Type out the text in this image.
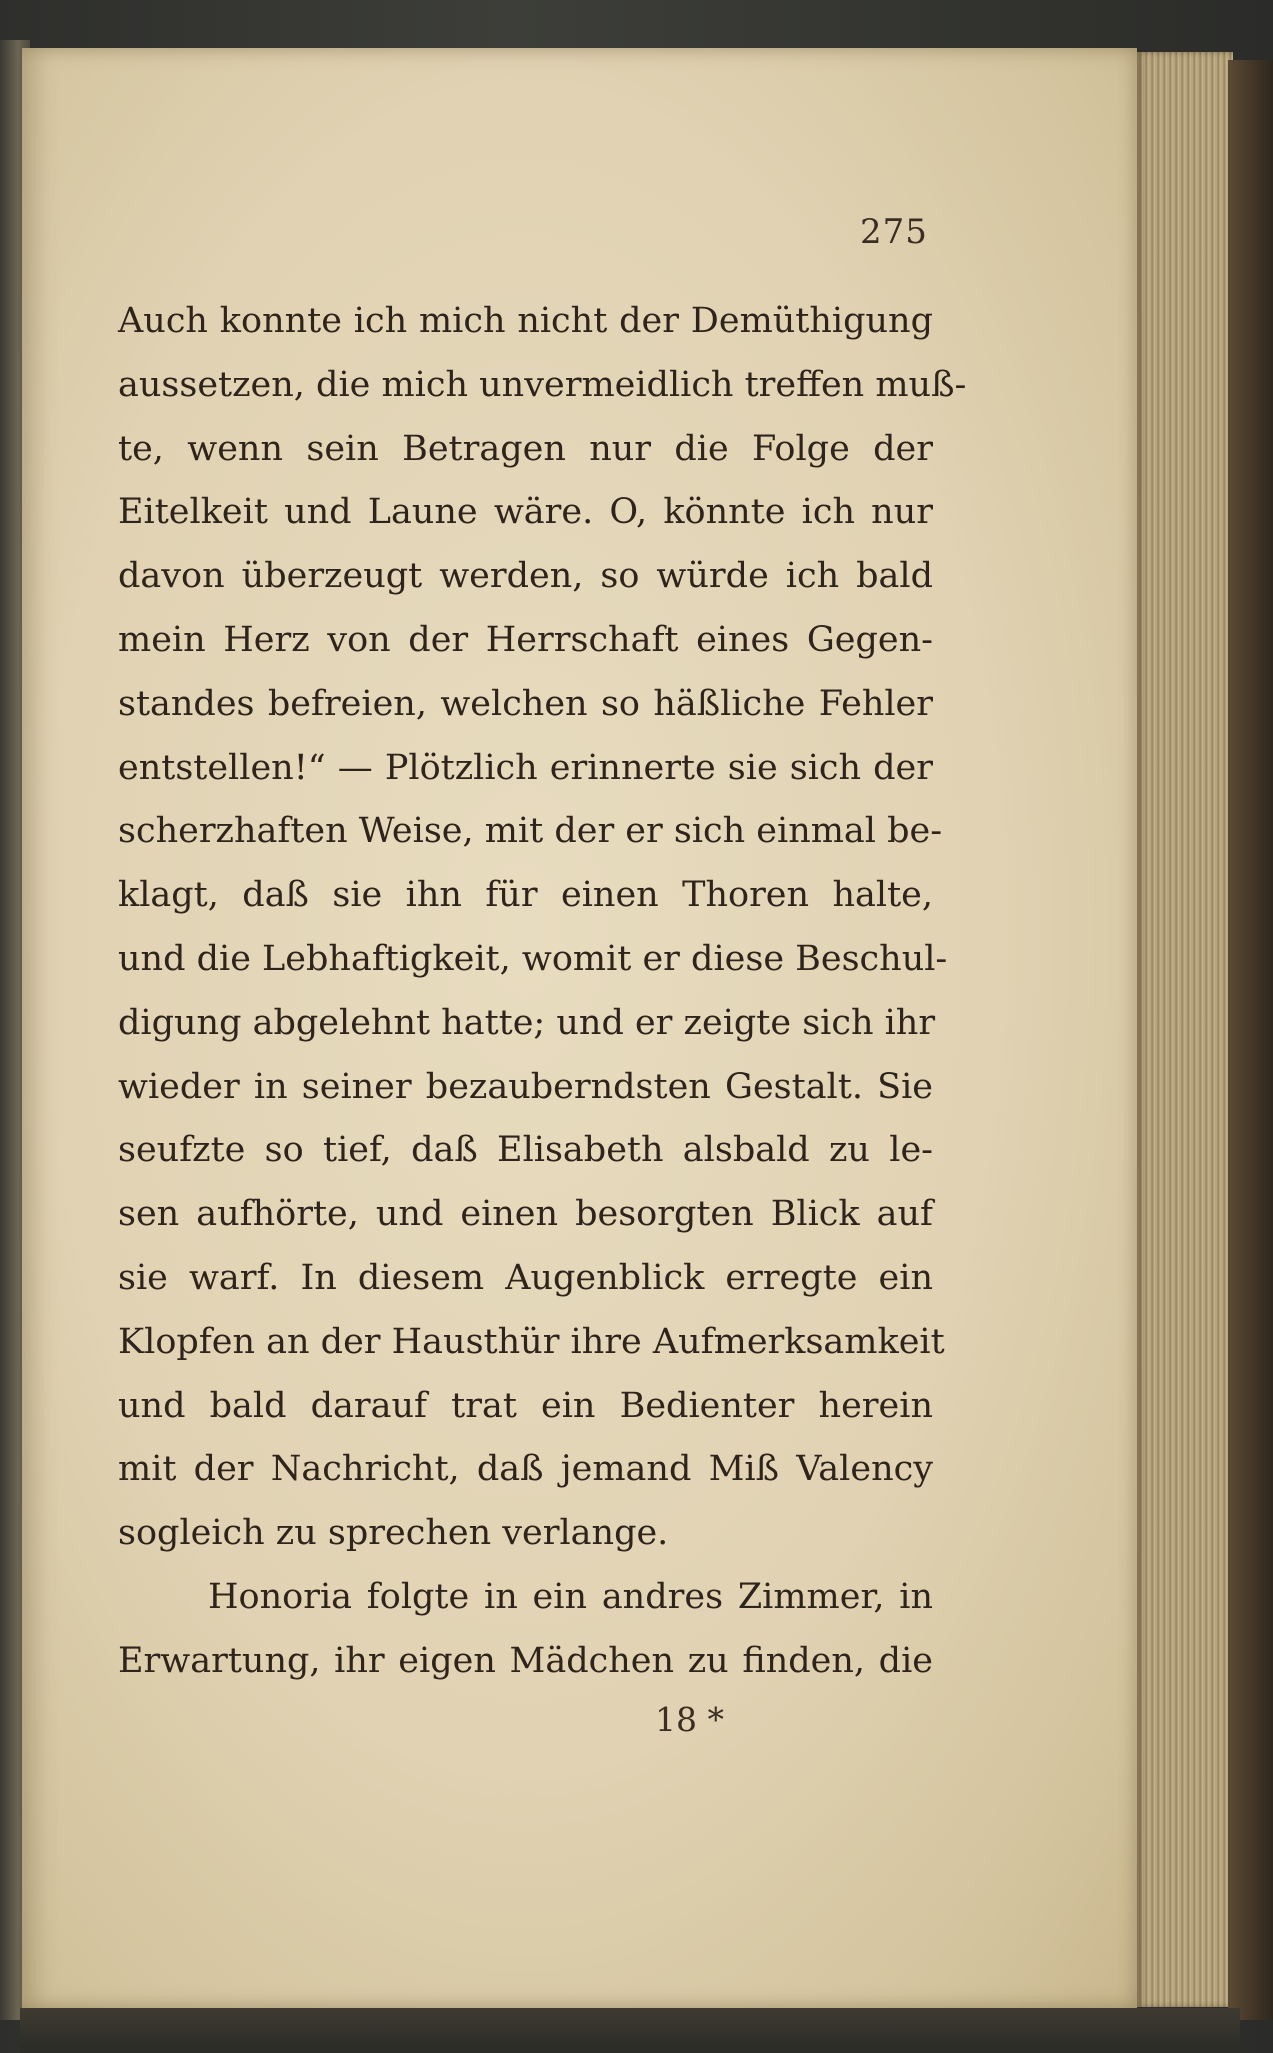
275
Auch konnte ich mich nicht der Demüthigung
aussetzen, die mich unvermeidlich treffen muß-
te, wenn sein Betragen nur die Folge der
Eitelkeit und Laune wäre. O, könnte ich nur
davon überzeugt werden, so würde ich bald
mein Herz von der Herrschaft eines Gegen-
standes befreien, welchen so häßliche Fehler
entstellen!“ — Plötzlich erinnerte sie sich der
scherzhaften Weise, mit der er sich einmal be-
klagt, daß sie ihn für einen Thoren halte,
und die Lebhaftigkeit, womit er diese Beschul-
digung abgelehnt hatte; und er zeigte sich ihr
wieder in seiner bezauberndsten Gestalt. Sie
seufzte so tief, daß Elisabeth alsbald zu le-
sen aufhörte, und einen besorgten Blick auf
sie warf. In diesem Augenblick erregte ein
Klopfen an der Hausthür ihre Aufmerksamkeit
und bald darauf trat ein Bedienter herein
mit der Nachricht, daß jemand Miß Valency
sogleich zu sprechen verlange.
Honoria folgte in ein andres Zimmer, in
Erwartung, ihr eigen Mädchen zu finden, die
18 *
